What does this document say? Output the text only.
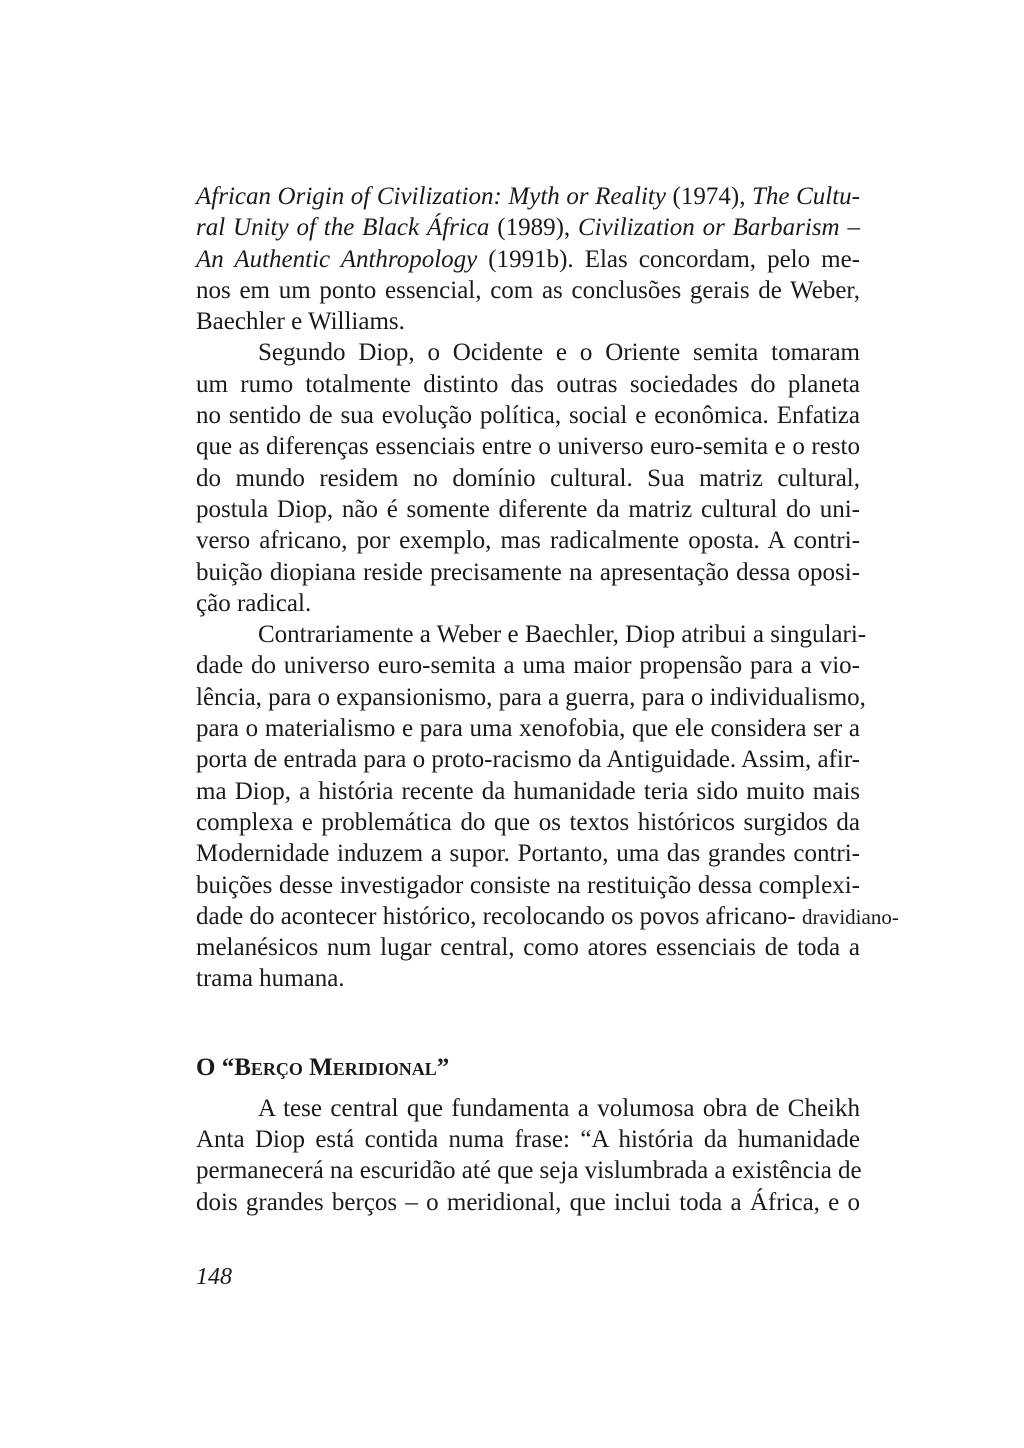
African Origin of Civilization: Myth or Reality (1974), The Cultu-
ral Unity of the Black África (1989), Civilization or Barbarism –
An Authentic Anthropology (1991b). Elas concordam, pelo me-
nos em um ponto essencial, com as conclusões gerais de Weber,
Baechler e Williams.
Segundo Diop, o Ocidente e o Oriente semita tomaram
um rumo totalmente distinto das outras sociedades do planeta
no sentido de sua evolução política, social e econômica. Enfatiza
que as diferenças essenciais entre o universo euro-semita e o resto
do mundo residem no domínio cultural. Sua matriz cultural,
postula Diop, não é somente diferente da matriz cultural do uni-
verso africano, por exemplo, mas radicalmente oposta. A contri-
buição diopiana reside precisamente na apresentação dessa oposi-
ção radical.
Contrariamente a Weber e Baechler, Diop atribui a singulari-
dade do universo euro-semita a uma maior propensão para a vio-
lência, para o expansionismo, para a guerra, para o individualismo,
para o materialismo e para uma xenofobia, que ele considera ser a
porta de entrada para o proto-racismo da Antiguidade. Assim, afir-
ma Diop, a história recente da humanidade teria sido muito mais
complexa e problemática do que os textos históricos surgidos da
Modernidade induzem a supor. Portanto, uma das grandes contri-
buições desse investigador consiste na restituição dessa complexi-
dade do acontecer histórico, recolocando os povos africano- dravidiano-
melanésicos num lugar central, como atores essenciais de toda a
trama humana.
O “BERÇO MERIDIONAL”
A tese central que fundamenta a volumosa obra de Cheikh
Anta Diop está contida numa frase: “A história da humanidade
permanecerá na escuridão até que seja vislumbrada a existência de
dois grandes berços – o meridional, que inclui toda a África, e o
148
